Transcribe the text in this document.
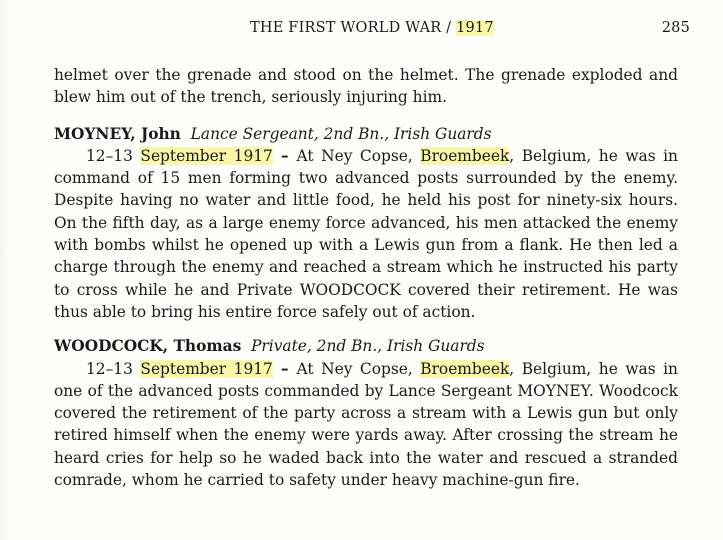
THE FIRST WORLD WAR / 1917	285

helmet over the grenade and stood on the helmet. The grenade exploded and blew him out of the trench, seriously injuring him.

MOYNEY, John Lance Sergeant, 2nd Bn., Irish Guards

12–13 September 1917 – At Ney Copse, Broembeek, Belgium, he was in command of 15 men forming two advanced posts surrounded by the enemy. Despite having no water and little food, he held his post for ninety-six hours. On the fifth day, as a large enemy force advanced, his men attacked the enemy with bombs whilst he opened up with a Lewis gun from a flank. He then led a charge through the enemy and reached a stream which he instructed his party to cross while he and Private WOODCOCK covered their retirement. He was thus able to bring his entire force safely out of action.

WOODCOCK, Thomas Private, 2nd Bn., Irish Guards

12–13 September 1917 – At Ney Copse, Broembeek, Belgium, he was in one of the advanced posts commanded by Lance Sergeant MOYNEY. Woodcock covered the retirement of the party across a stream with a Lewis gun but only retired himself when the enemy were yards away. After crossing the stream he heard cries for help so he waded back into the water and rescued a stranded comrade, whom he carried to safety under heavy machine-gun fire.
